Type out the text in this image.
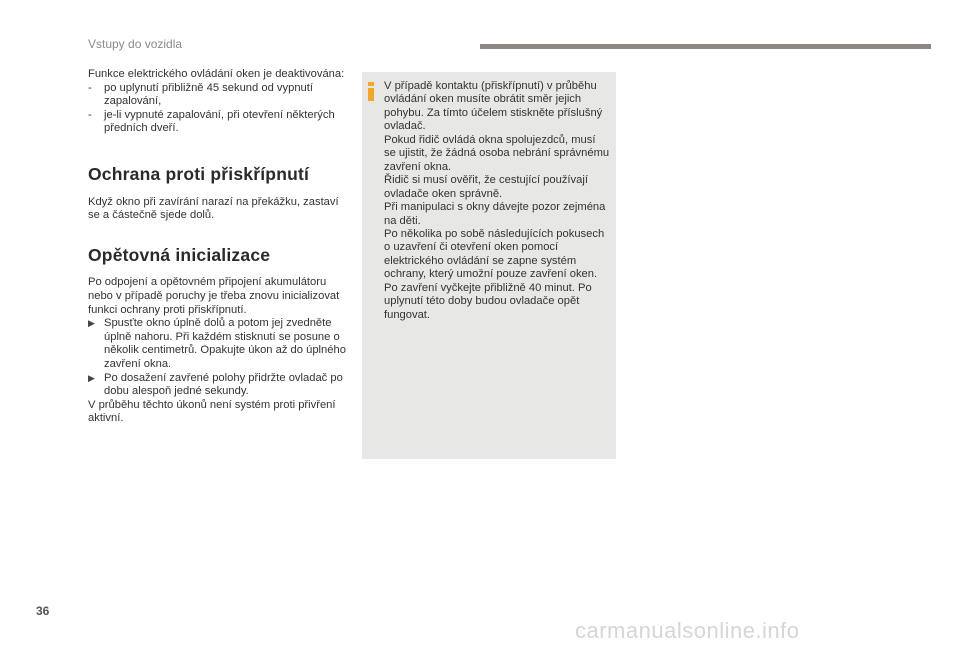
Vstupy do vozidla

Funkce elektrického ovládání oken je deaktivována:

- po uplynutí přibližně 45 sekund od vypnutí zapalování,
- je-li vypnuté zapalování, při otevření některých předních dveří.

Ochrana proti přiskřípnutí

Když okno při zavírání narazí na překážku, zastaví se a částečně sjede dolů.

Opětovná inicializace

Po odpojení a opětovném připojení akumulátoru nebo v případě poruchy je třeba znovu inicializovat funkci ochrany proti přiskřípnutí.

▶ Spusťte okno úplně dolů a potom jej zvedněte úplně nahoru. Při každém stisknutí se posune o několik centimetrů. Opakujte úkon až do úplného zavření okna.
▶ Po dosažení zavřené polohy přidržte ovladač po dobu alespoň jedné sekundy.

V průběhu těchto úkonů není systém proti přivření aktivní.

V případě kontaktu (přiskřípnutí) v průběhu ovládání oken musíte obrátit směr jejich pohybu. Za tímto účelem stiskněte příslušný ovladač.

Pokud řidič ovládá okna spolujezdců, musí se ujistit, že žádná osoba nebrání správnému zavření okna.

Řidič si musí ověřit, že cestující používají ovladače oken správně.

Při manipulaci s okny dávejte pozor zejména na děti.

Po několika po sobě následujících pokusech o uzavření či otevření oken pomocí elektrického ovládání se zapne systém ochrany, který umožní pouze zavření oken. Po zavření vyčkejte přibližně 40 minut. Po uplynutí této doby budou ovladače opět fungovat.

36
carmanualsonline.info
